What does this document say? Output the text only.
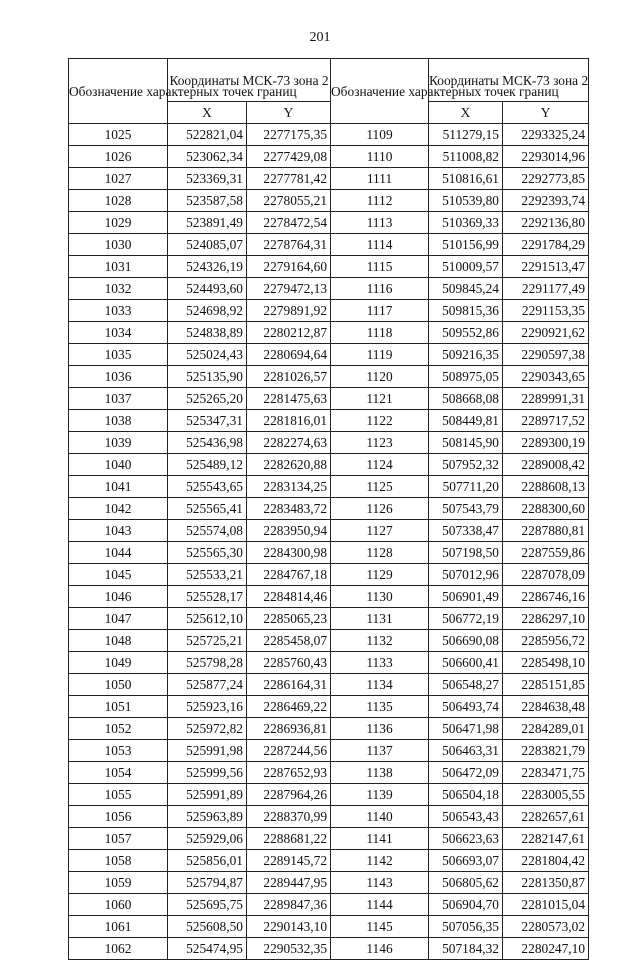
201
Обозначение характерных точек границ	Координаты МСК-73 зона 2		Обозначение характерных точек границ	Координаты МСК-73 зона 2	
	X	Y		X	Y
1025	522821,04	2277175,35	1109	511279,15	2293325,24
1026	523062,34	2277429,08	1110	511008,82	2293014,96
1027	523369,31	2277781,42	1111	510816,61	2292773,85
1028	523587,58	2278055,21	1112	510539,80	2292393,74
1029	523891,49	2278472,54	1113	510369,33	2292136,80
1030	524085,07	2278764,31	1114	510156,99	2291784,29
1031	524326,19	2279164,60	1115	510009,57	2291513,47
1032	524493,60	2279472,13	1116	509845,24	2291177,49
1033	524698,92	2279891,92	1117	509815,36	2291153,35
1034	524838,89	2280212,87	1118	509552,86	2290921,62
1035	525024,43	2280694,64	1119	509216,35	2290597,38
1036	525135,90	2281026,57	1120	508975,05	2290343,65
1037	525265,20	2281475,63	1121	508668,08	2289991,31
1038	525347,31	2281816,01	1122	508449,81	2289717,52
1039	525436,98	2282274,63	1123	508145,90	2289300,19
1040	525489,12	2282620,88	1124	507952,32	2289008,42
1041	525543,65	2283134,25	1125	507711,20	2288608,13
1042	525565,41	2283483,72	1126	507543,79	2288300,60
1043	525574,08	2283950,94	1127	507338,47	2287880,81
1044	525565,30	2284300,98	1128	507198,50	2287559,86
1045	525533,21	2284767,18	1129	507012,96	2287078,09
1046	525528,17	2284814,46	1130	506901,49	2286746,16
1047	525612,10	2285065,23	1131	506772,19	2286297,10
1048	525725,21	2285458,07	1132	506690,08	2285956,72
1049	525798,28	2285760,43	1133	506600,41	2285498,10
1050	525877,24	2286164,31	1134	506548,27	2285151,85
1051	525923,16	2286469,22	1135	506493,74	2284638,48
1052	525972,82	2286936,81	1136	506471,98	2284289,01
1053	525991,98	2287244,56	1137	506463,31	2283821,79
1054	525999,56	2287652,93	1138	506472,09	2283471,75
1055	525991,89	2287964,26	1139	506504,18	2283005,55
1056	525963,89	2288370,99	1140	506543,43	2282657,61
1057	525929,06	2288681,22	1141	506623,63	2282147,61
1058	525856,01	2289145,72	1142	506693,07	2281804,42
1059	525794,87	2289447,95	1143	506805,62	2281350,87
1060	525695,75	2289847,36	1144	506904,70	2281015,04
1061	525608,50	2290143,10	1145	507056,35	2280573,02
1062	525474,95	2290532,35	1146	507184,32	2280247,10
